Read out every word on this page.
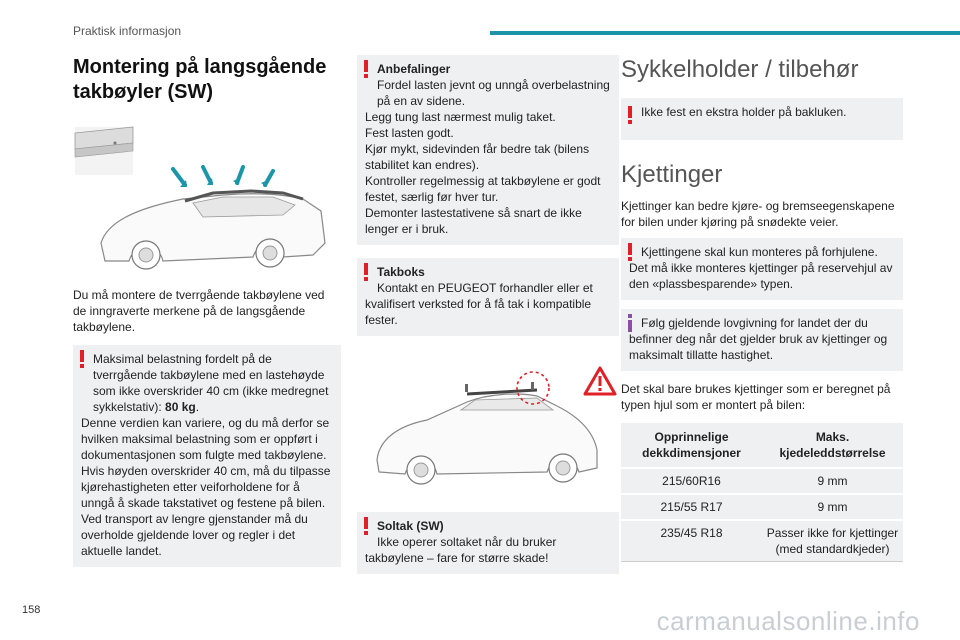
Praktisk informasjon
Montering på langsgående takbøyler (SW)
Du må montere de tverrgående takbøylene ved de inngraverte merkene på de langsgående takbøylene.
Maksimal belastning fordelt på de tverrgående takbøylene med en lastehøyde som ikke overskrider 40 cm (ikke medregnet sykkelstativ): 80 kg.
Denne verdien kan variere, og du må derfor se hvilken maksimal belastning som er oppført i dokumentasjonen som fulgte med takbøylene.
Hvis høyden overskrider 40 cm, må du tilpasse kjørehastigheten etter veiforholdene for å unngå å skade takstativet og festene på bilen.
Ved transport av lengre gjenstander må du overholde gjeldende lover og regler i det aktuelle landet.
Anbefalinger
Fordel lasten jevnt og unngå overbelastning på en av sidene.
Legg tung last nærmest mulig taket.
Fest lasten godt.
Kjør mykt, sidevinden får bedre tak (bilens stabilitet kan endres).
Kontroller regelmessig at takbøylene er godt festet, særlig før hver tur.
Demonter lastestativene så snart de ikke lenger er i bruk.
Takboks
Kontakt en PEUGEOT forhandler eller et kvalifisert verksted for å få tak i kompatible fester.
Soltak (SW)
Ikke operer soltaket når du bruker takbøylene – fare for større skade!
Sykkelholder / tilbehør
Ikke fest en ekstra holder på bakluken.
Kjettinger
Kjettinger kan bedre kjøre- og bremseegenskapene for bilen under kjøring på snødekte veier.
Kjettingene skal kun monteres på forhjulene. Det må ikke monteres kjettinger på reservehjul av den «plassbesparende» typen.
Følg gjeldende lovgivning for landet der du befinner deg når det gjelder bruk av kjettinger og maksimalt tillatte hastighet.
Det skal bare brukes kjettinger som er beregnet på typen hjul som er montert på bilen:
Opprinnelige dekkdimensjoner	Maks. kjedeleddstørrelse
215/60R16	9 mm
215/55 R17	9 mm
235/45 R18	Passer ikke for kjettinger (med standardkjeder)
158	carmanualsonline.info
